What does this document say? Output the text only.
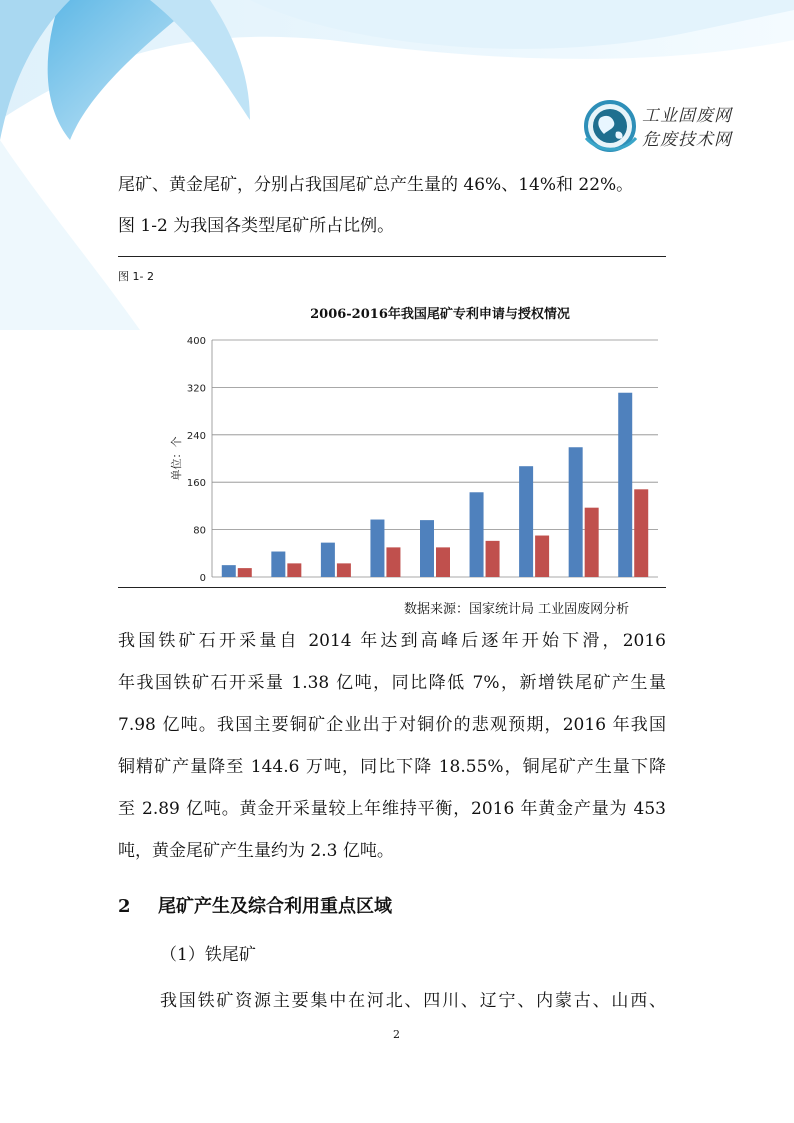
工业固废网
危废技术网
尾矿、黄金尾矿，分别占我国尾矿总产生量的 46%、14%和 22%。
图 1-2 为我国各类型尾矿所占比例。
图 1- 2
2006-2016年我国尾矿专利申请与授权情况
0
80
160
240
320
400
单位：个
数据来源：国家统计局 工业固废网分析
我国铁矿石开采量自 2014 年达到高峰后逐年开始下滑，2016
年我国铁矿石开采量 1.38 亿吨，同比降低 7%，新增铁尾矿产生量
7.98 亿吨。我国主要铜矿企业出于对铜价的悲观预期，2016 年我国
铜精矿产量降至 144.6 万吨，同比下降 18.55%，铜尾矿产生量下降
至 2.89 亿吨。黄金开采量较上年维持平衡，2016 年黄金产量为 453
吨，黄金尾矿产生量约为 2.3 亿吨。
2 尾矿产生及综合利用重点区域
（1）铁尾矿
我国铁矿资源主要集中在河北、四川、辽宁、内蒙古、山西、
2
